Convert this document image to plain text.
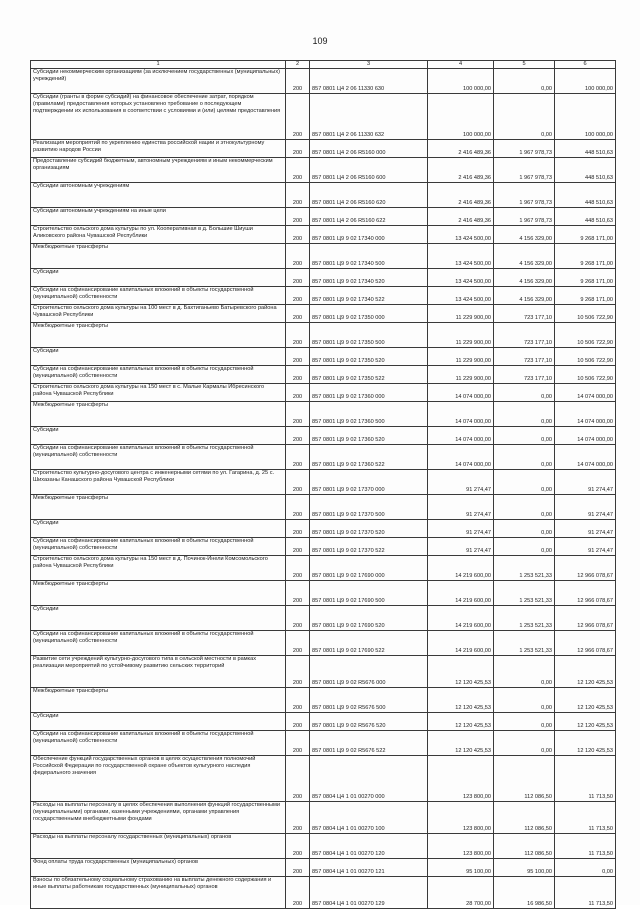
109
1	2	3	4	5	6
Субсидии некоммерческим организациям (за исключением государственных (муниципальных) учреждений)	200	857 0801 Ц4 2 06 11330 630	100 000,00	0,00	100 000,00
Субсидии (гранты в форме субсидий) на финансовое обеспечение затрат, порядком (правилами) предоставления которых установлено требование о последующем подтверждении их использования в соответствии с условиями и (или) целями предоставления	200	857 0801 Ц4 2 06 11330 632	100 000,00	0,00	100 000,00
Реализация мероприятий по укреплению единства российской нации и этнокультурному развитию народов России	200	857 0801 Ц4 2 06 R5160 000	2 416 489,36	1 967 978,73	448 510,63
Предоставление субсидий бюджетным, автономным учреждениям и иным некоммерческим организациям	200	857 0801 Ц4 2 06 R5160 600	2 416 489,36	1 967 978,73	448 510,63
Субсидии автономным учреждениям	200	857 0801 Ц4 2 06 R5160 620	2 416 489,36	1 967 978,73	448 510,63
Субсидии автономным учреждениям на иные цели	200	857 0801 Ц4 2 06 R5160 622	2 416 489,36	1 967 978,73	448 510,63
Строительство сельского дома культуры по ул. Кооперативная в д. Большие Шиуши Аликовского района Чувашской Республики	200	857 0801 Ц9 9 02 17340 000	13 424 500,00	4 156 329,00	9 268 171,00
Межбюджетные трансферты	200	857 0801 Ц9 9 02 17340 500	13 424 500,00	4 156 329,00	9 268 171,00
Субсидии	200	857 0801 Ц9 9 02 17340 520	13 424 500,00	4 156 329,00	9 268 171,00
Субсидии на софинансирование капитальных вложений в объекты государственной (муниципальной) собственности	200	857 0801 Ц9 9 02 17340 522	13 424 500,00	4 156 329,00	9 268 171,00
Строительство сельского дома культуры на 100 мест в д. Бахтиганьево Батыревского района Чувашской Республики	200	857 0801 Ц9 9 02 17350 000	11 229 900,00	723 177,10	10 506 722,90
Межбюджетные трансферты	200	857 0801 Ц9 9 02 17350 500	11 229 900,00	723 177,10	10 506 722,90
Субсидии	200	857 0801 Ц9 9 02 17350 520	11 229 900,00	723 177,10	10 506 722,90
Субсидии на софинансирование капитальных вложений в объекты государственной (муниципальной) собственности	200	857 0801 Ц9 9 02 17350 522	11 229 900,00	723 177,10	10 506 722,90
Строительство сельского дома культуры на 150 мест в с. Малые Кармалы Ибресинского района Чувашской Республики	200	857 0801 Ц9 9 02 17360 000	14 074 000,00	0,00	14 074 000,00
Межбюджетные трансферты	200	857 0801 Ц9 9 02 17360 500	14 074 000,00	0,00	14 074 000,00
Субсидии	200	857 0801 Ц9 9 02 17360 520	14 074 000,00	0,00	14 074 000,00
Субсидии на софинансирование капитальных вложений в объекты государственной (муниципальной) собственности	200	857 0801 Ц9 9 02 17360 522	14 074 000,00	0,00	14 074 000,00
Строительство культурно-досугового центра с инженерными сетями по ул. Гагарина, д. 25 с. Шихазаны Канашского района Чувашской Республики	200	857 0801 Ц9 9 02 17370 000	91 274,47	0,00	91 274,47
Межбюджетные трансферты	200	857 0801 Ц9 9 02 17370 500	91 274,47	0,00	91 274,47
Субсидии	200	857 0801 Ц9 9 02 17370 520	91 274,47	0,00	91 274,47
Субсидии на софинансирование капитальных вложений в объекты государственной (муниципальной) собственности	200	857 0801 Ц9 9 02 17370 522	91 274,47	0,00	91 274,47
Строительство сельского дома культуры на 150 мест в д. Починок-Инели Комсомольского района Чувашской Республики	200	857 0801 Ц9 9 02 17690 000	14 219 600,00	1 253 521,33	12 966 078,67
Межбюджетные трансферты	200	857 0801 Ц9 9 02 17690 500	14 219 600,00	1 253 521,33	12 966 078,67
Субсидии	200	857 0801 Ц9 9 02 17690 520	14 219 600,00	1 253 521,33	12 966 078,67
Субсидии на софинансирование капитальных вложений в объекты государственной (муниципальной) собственности	200	857 0801 Ц9 9 02 17690 522	14 219 600,00	1 253 521,33	12 966 078,67
Развитие сети учреждений культурно-досугового типа в сельской местности в рамках реализации мероприятий по устойчивому развитию сельских территорий	200	857 0801 Ц9 9 02 R5676 000	12 120 425,53	0,00	12 120 425,53
Межбюджетные трансферты	200	857 0801 Ц9 9 02 R5676 500	12 120 425,53	0,00	12 120 425,53
Субсидии	200	857 0801 Ц9 9 02 R5676 520	12 120 425,53	0,00	12 120 425,53
Субсидии на софинансирование капитальных вложений в объекты государственной (муниципальной) собственности	200	857 0801 Ц9 9 02 R5676 522	12 120 425,53	0,00	12 120 425,53
Обеспечение функций государственных органов в целях осуществления полномочий Российской Федерации по государственной охране объектов культурного наследия федерального значения	200	857 0804 Ц4 1 01 00270 000	123 800,00	112 086,50	11 713,50
Расходы на выплаты персоналу в целях обеспечения выполнения функций государственными (муниципальными) органами, казенными учреждениями, органами управления государственными внебюджетными фондами	200	857 0804 Ц4 1 01 00270 100	123 800,00	112 086,50	11 713,50
Расходы на выплаты персоналу государственных (муниципальных) органов	200	857 0804 Ц4 1 01 00270 120	123 800,00	112 086,50	11 713,50
Фонд оплаты труда государственных (муниципальных) органов	200	857 0804 Ц4 1 01 00270 121	95 100,00	95 100,00	0,00
Взносы по обязательному социальному страхованию на выплаты денежного содержания и иные выплаты работникам государственных (муниципальных) органов	200	857 0804 Ц4 1 01 00270 129	28 700,00	16 986,50	11 713,50
